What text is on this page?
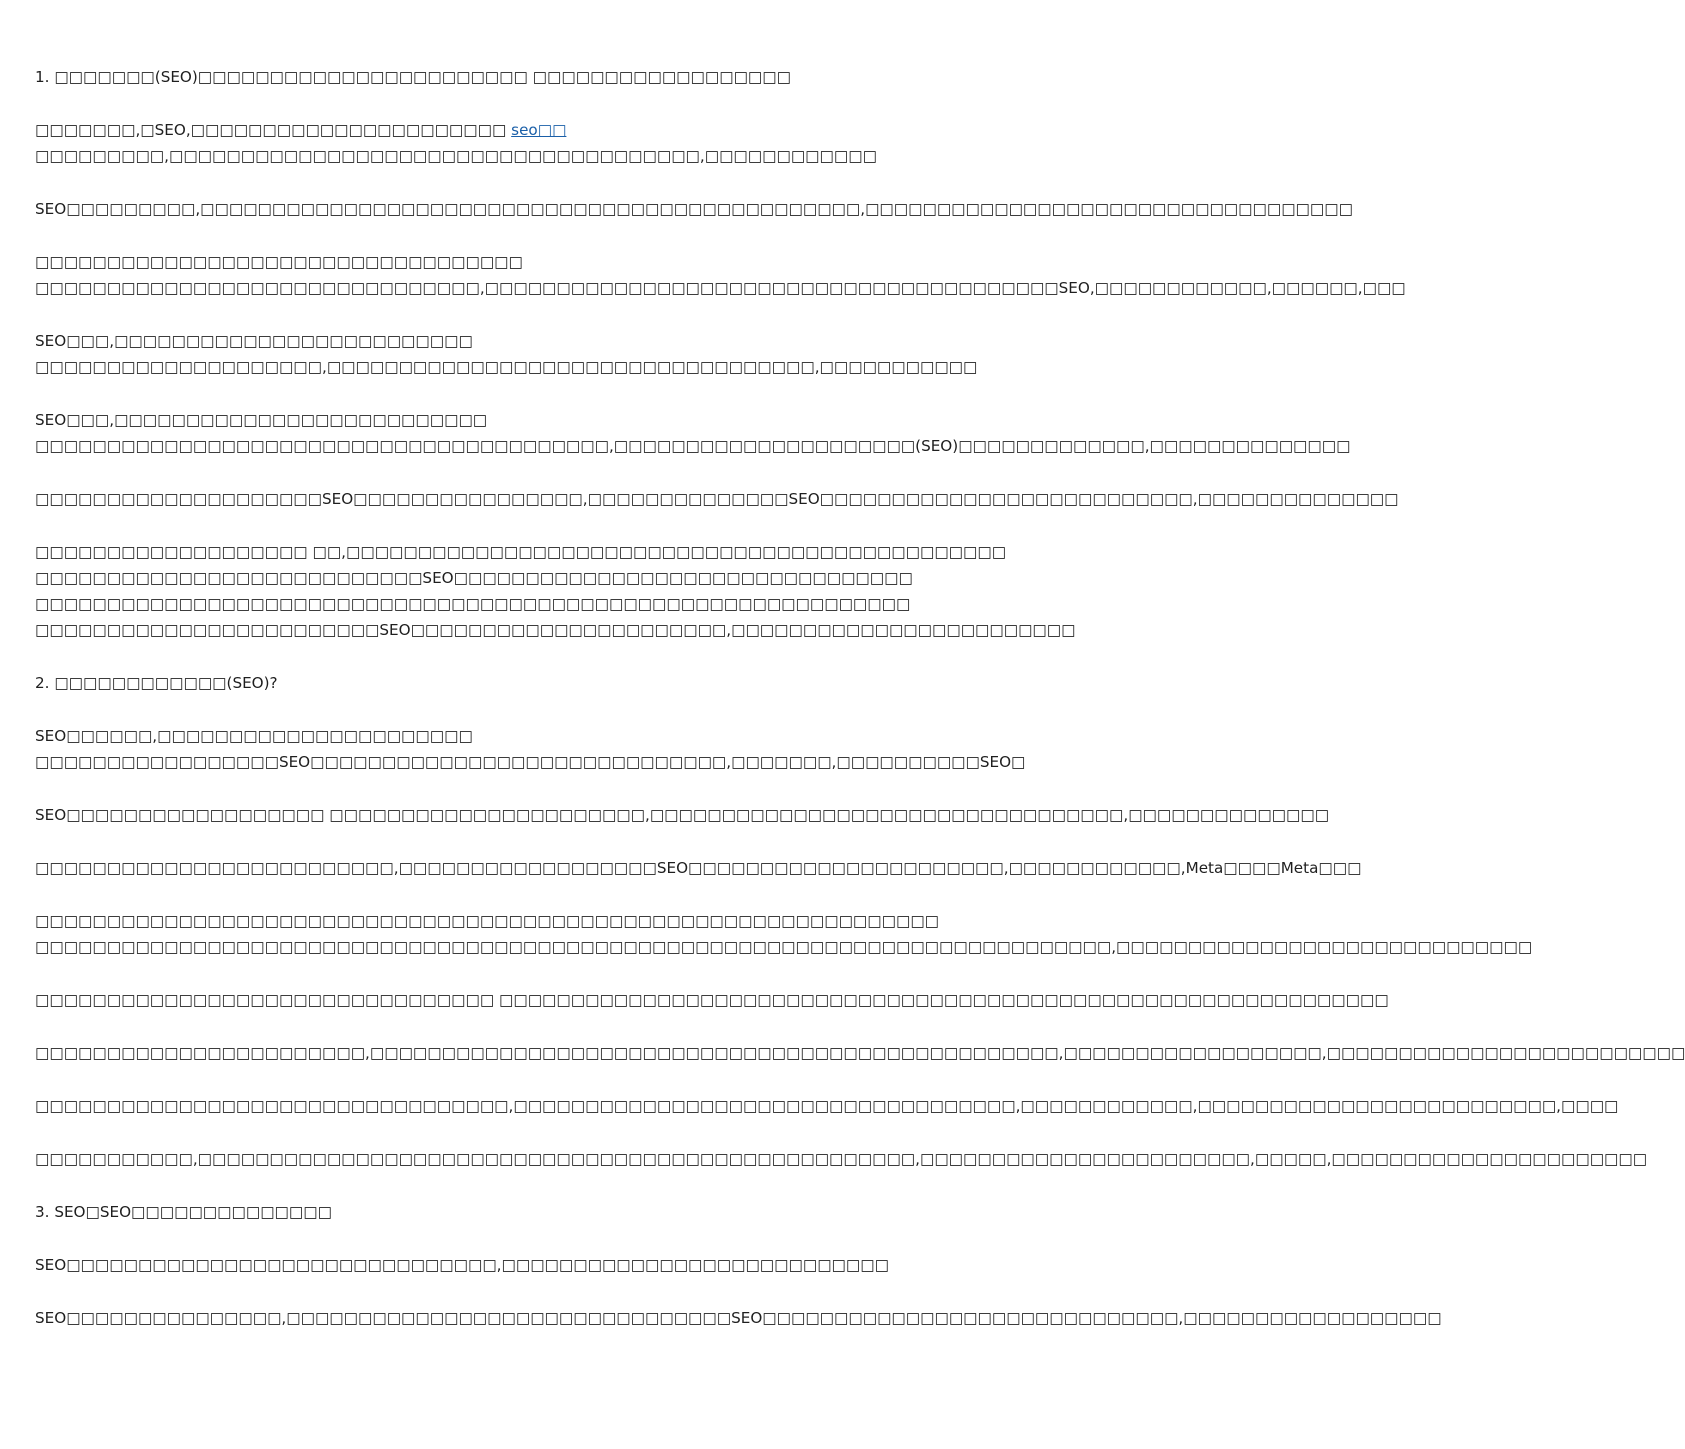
1. □□□□□□□(SEO)□□□□□□□□□□□□□□□□□□□□□□□ □□□□□□□□□□□□□□□□□□
□□□□□□□,□SEO,□□□□□□□□□□□□□□□□□□□□□□ seo□□
□□□□□□□□□,□□□□□□□□□□□□□□□□□□□□□□□□□□□□□□□□□□□□□,□□□□□□□□□□□□
SEO□□□□□□□□□,□□□□□□□□□□□□□□□□□□□□□□□□□□□□□□□□□□□□□□□□□□□□□□,□□□□□□□□□□□□□□□□□□□□□□□□□□□□□□□□□□
□□□□□□□□□□□□□□□□□□□□□□□□□□□□□□□□□□
□□□□□□□□□□□□□□□□□□□□□□□□□□□□□□□,□□□□□□□□□□□□□□□□□□□□□□□□□□□□□□□□□□□□□□□□SEO,□□□□□□□□□□□□,□□□□□□,□□□
SEO□□□,□□□□□□□□□□□□□□□□□□□□□□□□□
□□□□□□□□□□□□□□□□□□□□,□□□□□□□□□□□□□□□□□□□□□□□□□□□□□□□□□□,□□□□□□□□□□□
SEO□□□,□□□□□□□□□□□□□□□□□□□□□□□□□□
□□□□□□□□□□□□□□□□□□□□□□□□□□□□□□□□□□□□□□□□,□□□□□□□□□□□□□□□□□□□□□(SEO)□□□□□□□□□□□□□,□□□□□□□□□□□□□□
□□□□□□□□□□□□□□□□□□□□SEO□□□□□□□□□□□□□□□□,□□□□□□□□□□□□□□SEO□□□□□□□□□□□□□□□□□□□□□□□□□□,□□□□□□□□□□□□□□
□□□□□□□□□□□□□□□□□□□ □□,□□□□□□□□□□□□□□□□□□□□□□□□□□□□□□□□□□□□□□□□□□□□□□
□□□□□□□□□□□□□□□□□□□□□□□□□□□SEO□□□□□□□□□□□□□□□□□□□□□□□□□□□□□□□□
□□□□□□□□□□□□□□□□□□□□□□□□□□□□□□□□□□□□□□□□□□□□□□□□□□□□□□□□□□□□□
□□□□□□□□□□□□□□□□□□□□□□□□SEO□□□□□□□□□□□□□□□□□□□□□□,□□□□□□□□□□□□□□□□□□□□□□□□
2. □□□□□□□□□□□□(SEO)?
SEO□□□□□□,□□□□□□□□□□□□□□□□□□□□□□
□□□□□□□□□□□□□□□□□SEO□□□□□□□□□□□□□□□□□□□□□□□□□□□□□,□□□□□□□,□□□□□□□□□□SEO□
SEO□□□□□□□□□□□□□□□□□□ □□□□□□□□□□□□□□□□□□□□□□,□□□□□□□□□□□□□□□□□□□□□□□□□□□□□□□□□,□□□□□□□□□□□□□□
□□□□□□□□□□□□□□□□□□□□□□□□□,□□□□□□□□□□□□□□□□□□SEO□□□□□□□□□□□□□□□□□□□□□□,□□□□□□□□□□□□,Meta□□□□Meta□□□
□□□□□□□□□□□□□□□□□□□□□□□□□□□□□□□□□□□□□□□□□□□□□□□□□□□□□□□□□□□□□□□
□□□□□□□□□□□□□□□□□□□□□□□□□□□□□□□□□□□□□□□□□□□□□□□□□□□□□□□□□□□□□□□□□□□□□□□□□□□,□□□□□□□□□□□□□□□□□□□□□□□□□□□□□
□□□□□□□□□□□□□□□□□□□□□□□□□□□□□□□□ □□□□□□□□□□□□□□□□□□□□□□□□□□□□□□□□□□□□□□□□□□□□□□□□□□□□□□□□□□□□□□
□□□□□□□□□□□□□□□□□□□□□□□,□□□□□□□□□□□□□□□□□□□□□□□□□□□□□□□□□□□□□□□□□□□□□□□□,□□□□□□□□□□□□□□□□□□,□□□□□□□□□□□□□□□□□□□□□□□□□
□□□□□□□□□□□□□□□□□□□□□□□□□□□□□□□□□,□□□□□□□□□□□□□□□□□□□□□□□□□□□□□□□□□□□,□□□□□□□□□□□□,□□□□□□□□□□□□□□□□□□□□□□□□□,□□□□
□□□□□□□□□□□,□□□□□□□□□□□□□□□□□□□□□□□□□□□□□□□□□□□□□□□□□□□□□□□□□□,□□□□□□□□□□□□□□□□□□□□□□□,□□□□□,□□□□□□□□□□□□□□□□□□□□□□
3. SEO□SEO□□□□□□□□□□□□□□
SEO□□□□□□□□□□□□□□□□□□□□□□□□□□□□□□,□□□□□□□□□□□□□□□□□□□□□□□□□□□
SEO□□□□□□□□□□□□□□□,□□□□□□□□□□□□□□□□□□□□□□□□□□□□□□□SEO□□□□□□□□□□□□□□□□□□□□□□□□□□□□□,□□□□□□□□□□□□□□□□□□
